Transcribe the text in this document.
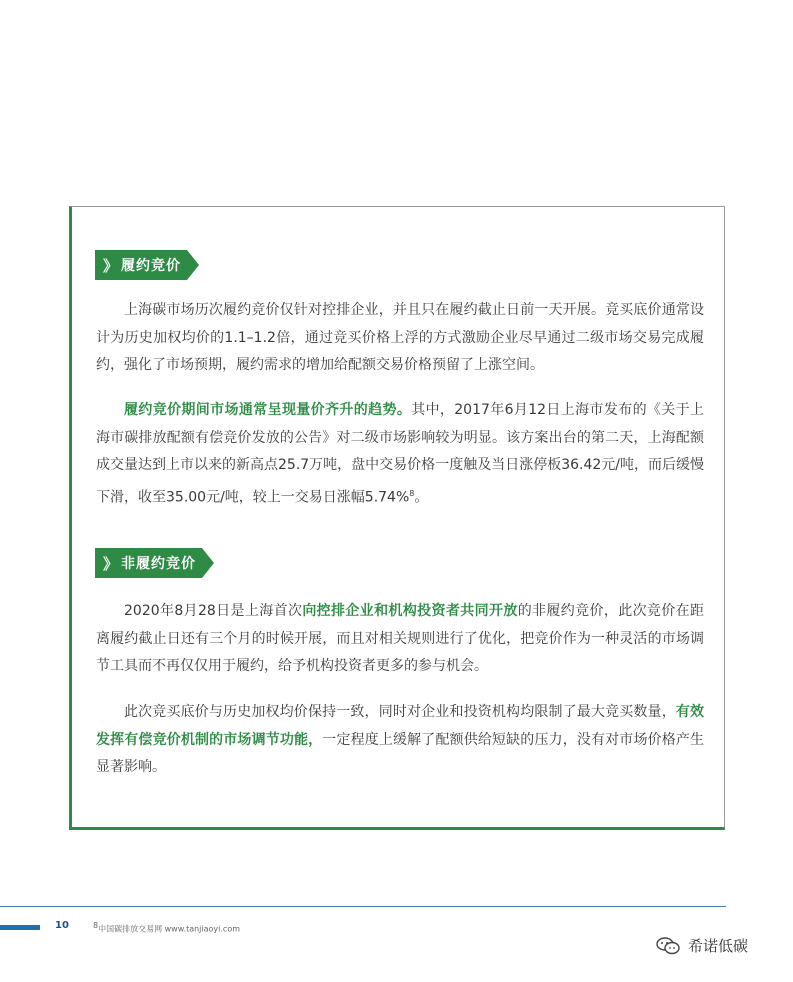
》 履约竞价

上海碳市场历次履约竞价仅针对控排企业，并且只在履约截止日前一天开展。竞买底价通常设计为历史加权均价的1.1–1.2倍，通过竞买价格上浮的方式激励企业尽早通过二级市场交易完成履约，强化了市场预期，履约需求的增加给配额交易价格预留了上涨空间。

履约竞价期间市场通常呈现量价齐升的趋势。其中，2017年6月12日上海市发布的《关于上海市碳排放配额有偿竞价发放的公告》对二级市场影响较为明显。该方案出台的第二天，上海配额成交量达到上市以来的新高点25.7万吨，盘中交易价格一度触及当日涨停板36.42元/吨，而后缓慢下滑，收至35.00元/吨，较上一交易日涨幅5.74%$^8$。

》 非履约竞价

2020年8月28日是上海首次向控排企业和机构投资者共同开放的非履约竞价，此次竞价在距离履约截止日还有三个月的时候开展，而且对相关规则进行了优化，把竞价作为一种灵活的市场调节工具而不再仅仅用于履约，给予机构投资者更多的参与机会。

此次竞买底价与历史加权均价保持一致，同时对企业和投资机构均限制了最大竞买数量，有效发挥有偿竞价机制的市场调节功能，一定程度上缓解了配额供给短缺的压力，没有对市场价格产生显著影响。

10	8中国碳排放交易网 www.tanjiaoyi.com
希诺低碳
